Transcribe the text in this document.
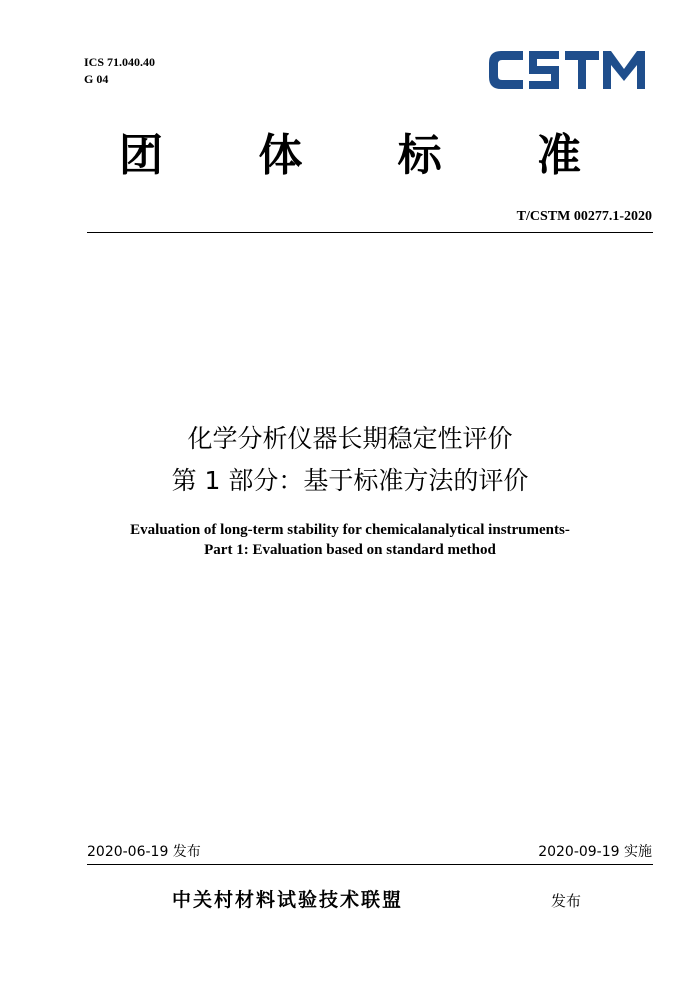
ICS 71.040.40
G 04
团 体 标 准
T/CSTM 00277.1-2020
化学分析仪器长期稳定性评价
第 1 部分：基于标准方法的评价
Evaluation of long-term stability for chemicalanalytical instruments-
Part 1: Evaluation based on standard method
2020-06-19 发布	2020-09-19 实施
中关村材料试验技术联盟	发布
